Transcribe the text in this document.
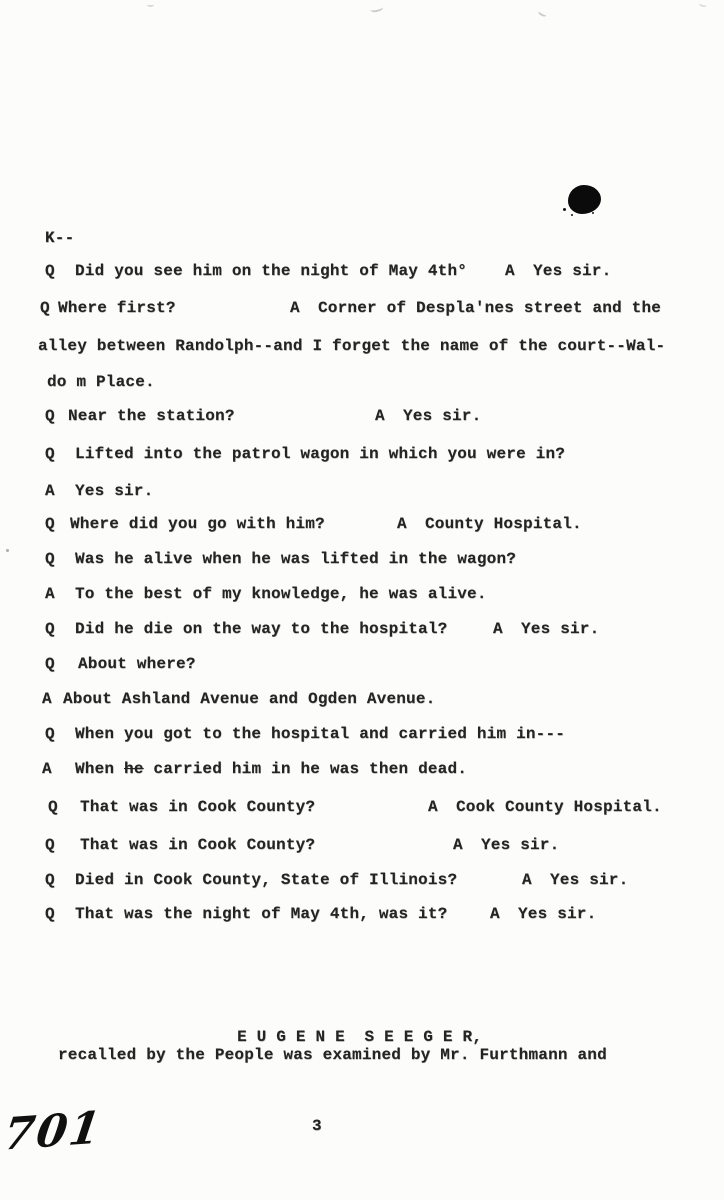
K--

Q

Did you see him on the night of May 4th°

A

Yes sir.

Q

Where first?

	A

Corner of Despla'nes street and the

alley between Randolph--and I forget the name of the court--Wal-

do m Place.

Q

Near the station?

	A

Yes sir.

Q

Lifted into the patrol wagon in which you were in?

A

Yes sir.

Q

Where did you go with him?

	A

County Hospital.

Q

Was he alive when he was lifted in the wagon?

A

To the best of my knowledge, he was alive.

Q

Did he die on the way to the hospital?

	A

Yes sir.

Q

About where?

A

About Ashland Avenue and Ogden Avenue.

Q

When you got to the hospital and carried him in---

A

When he carried him in he was then dead.

Q

That was in Cook County?

	A

Cook County Hospital.

Q

That was in Cook County?

	A

Yes sir.

Q

Died in Cook County, State of Illinois?

	A

Yes sir.

Q

That was the night of May 4th, was it?

	A

Yes sir.

E U G E N E  S E E G E R,

recalled by the People was examined by Mr. Furthmann and

3
701
